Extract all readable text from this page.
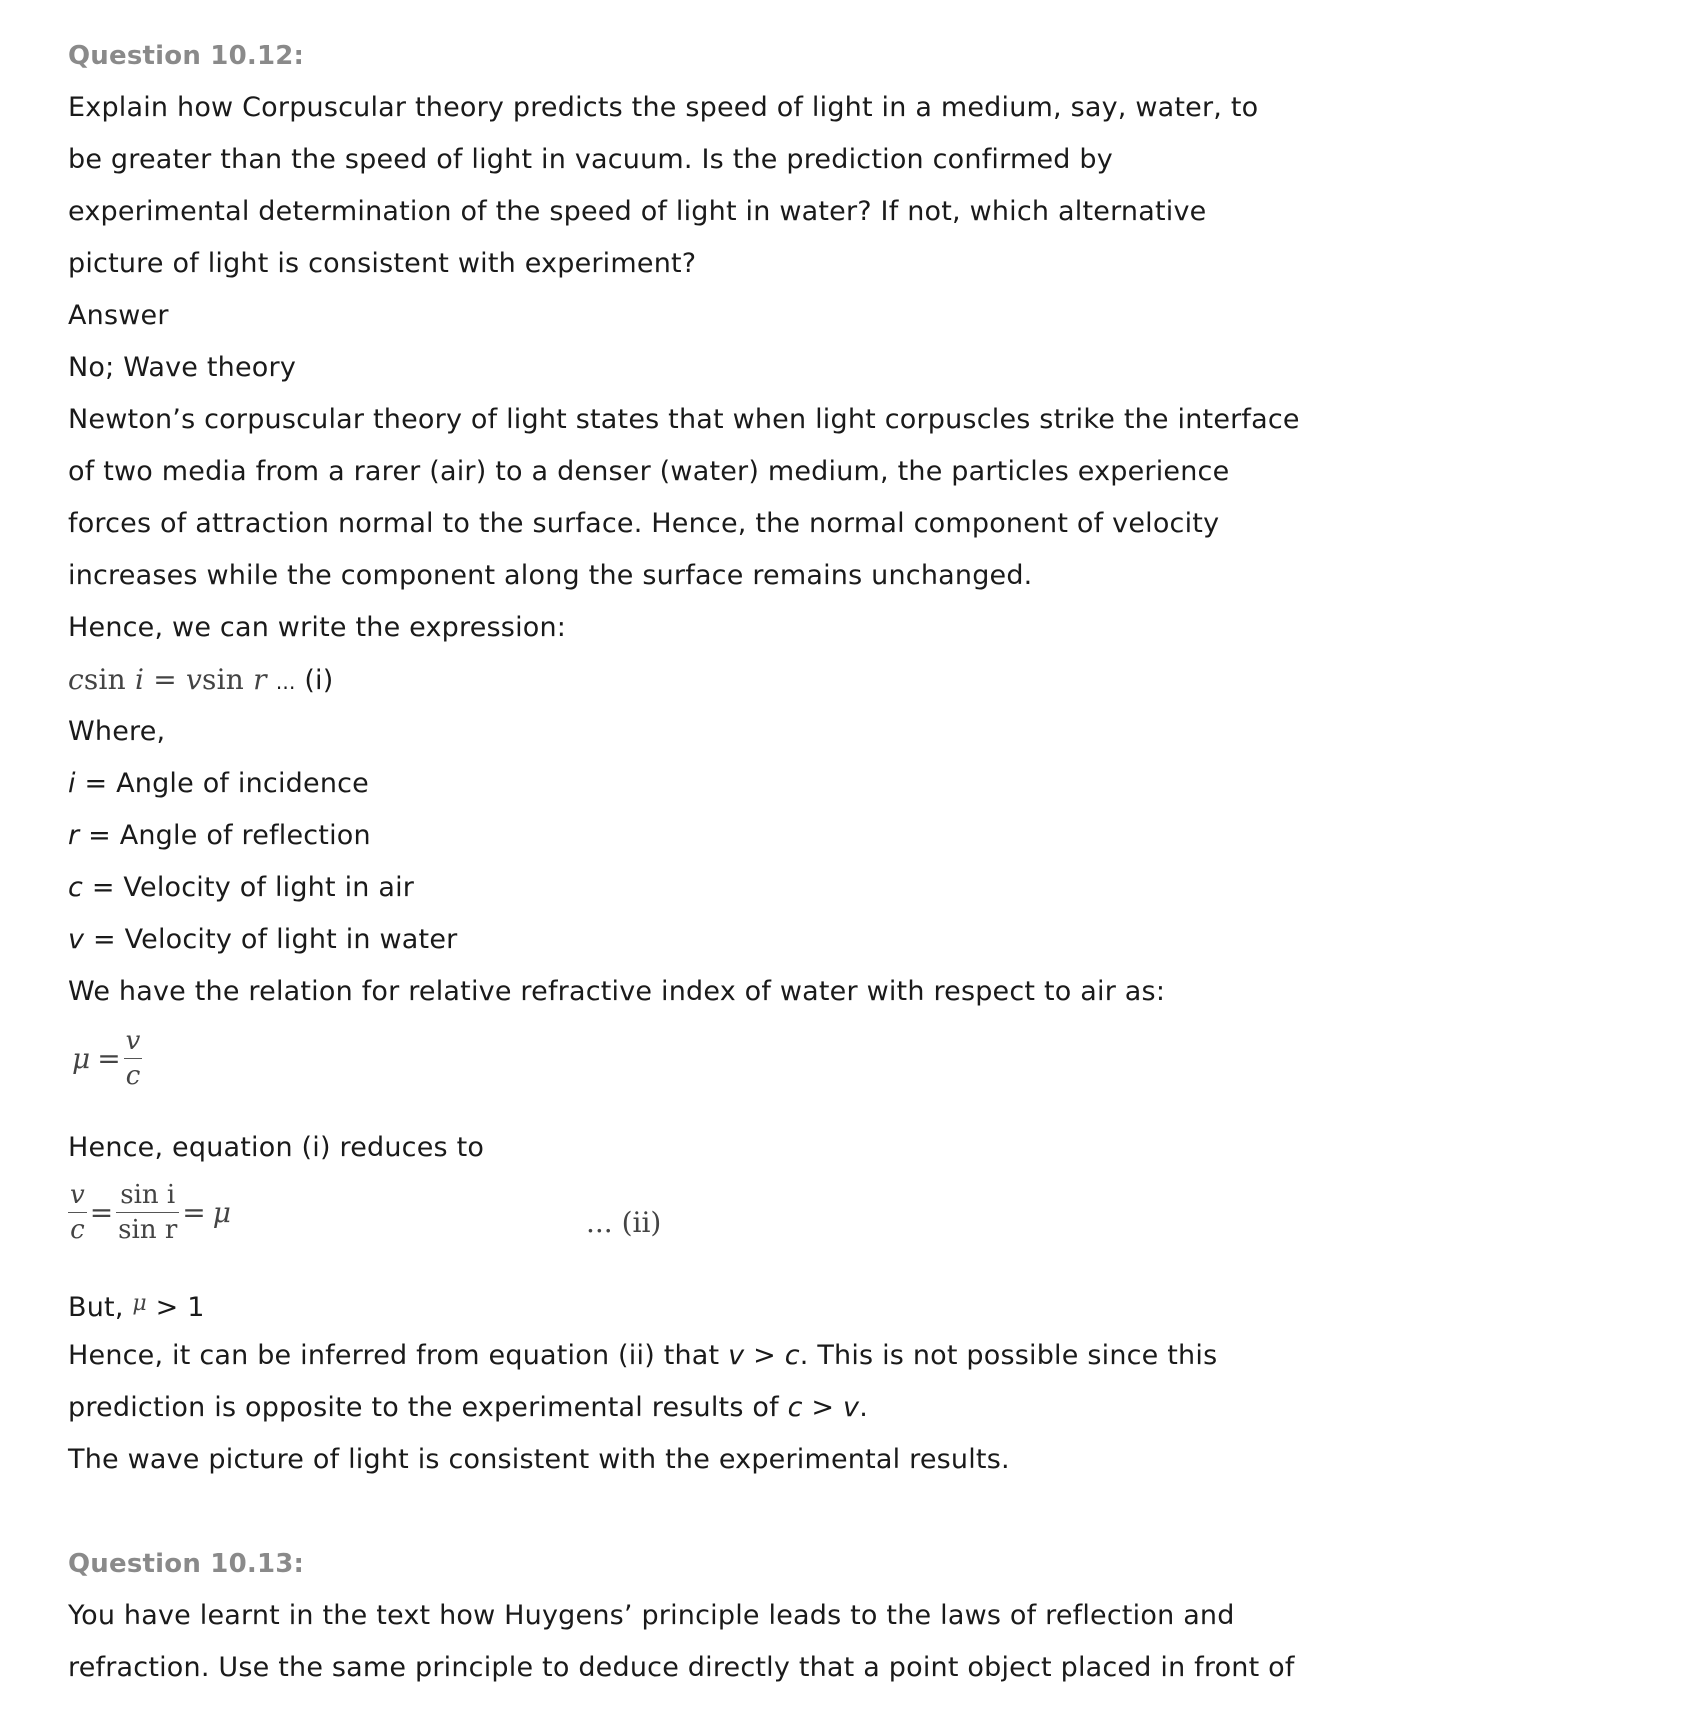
Question 10.12:
Explain how Corpuscular theory predicts the speed of light in a medium, say, water, to
be greater than the speed of light in vacuum. Is the prediction confirmed by
experimental determination of the speed of light in water? If not, which alternative
picture of light is consistent with experiment?
Answer
No; Wave theory
Newton’s corpuscular theory of light states that when light corpuscles strike the interface
of two media from a rarer (air) to a denser (water) medium, the particles experience
forces of attraction normal to the surface. Hence, the normal component of velocity
increases while the component along the surface remains unchanged.
Hence, we can write the expression:
csin i = vsin r ... (i)
Where,
i = Angle of incidence
r = Angle of reflection
c = Velocity of light in air
v = Velocity of light in water
We have the relation for relative refractive index of water with respect to air as:
$\mu = \frac{v}{c}$
Hence, equation (i) reduces to
$\frac{v}{c} = \frac{\text{sin i}}{\text{sin r}} = \mu$	... (ii)
But, $^\mu$ > 1
Hence, it can be inferred from equation (ii) that v > c. This is not possible since this
prediction is opposite to the experimental results of c > v.
The wave picture of light is consistent with the experimental results.
Question 10.13:
You have learnt in the text how Huygens’ principle leads to the laws of reflection and
refraction. Use the same principle to deduce directly that a point object placed in front of
